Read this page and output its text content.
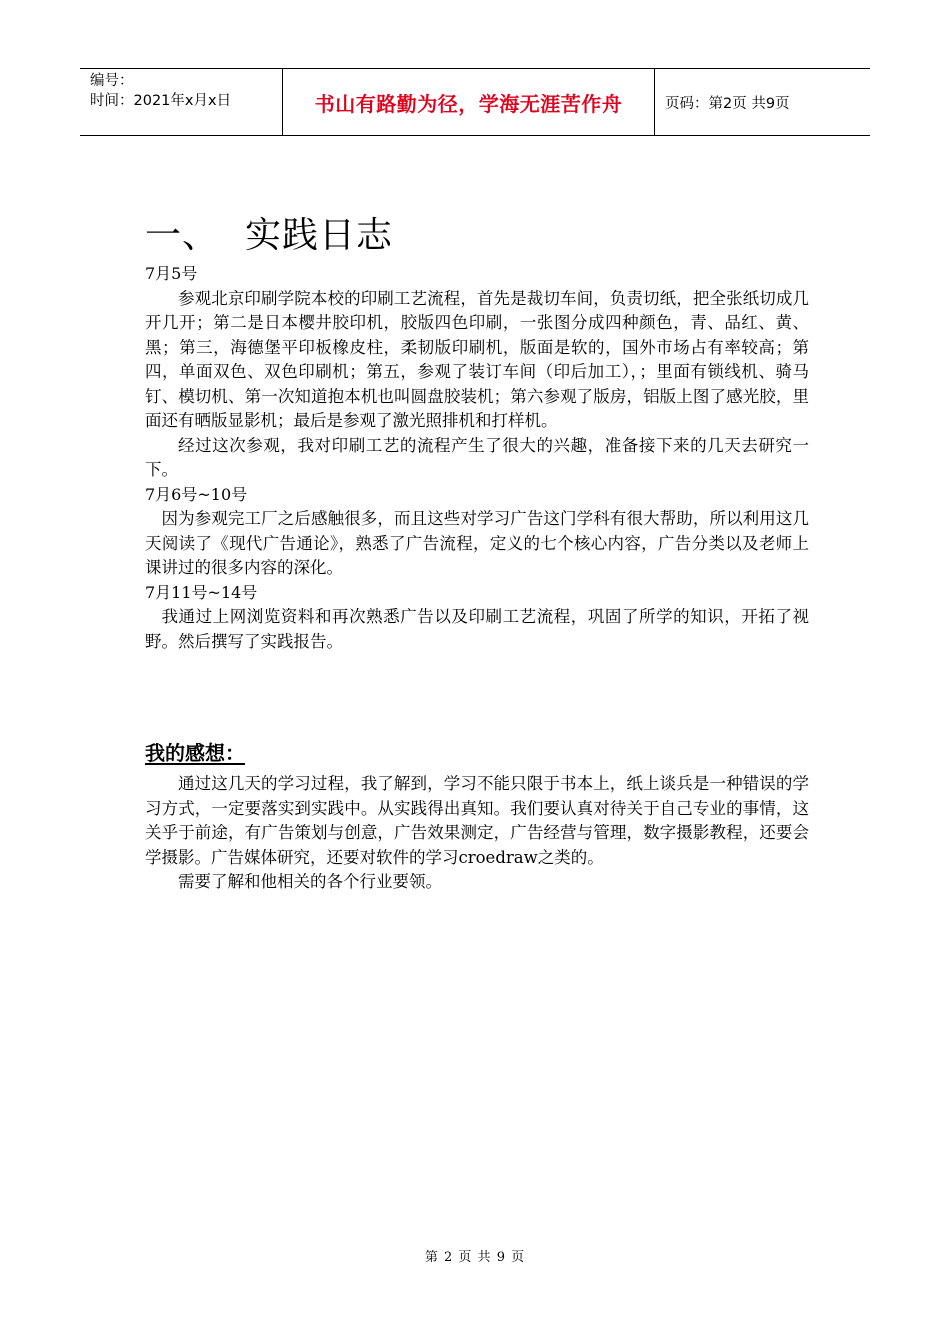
编号：
时间：2021年x月x日	书山有路勤为径，学海无涯苦作舟	页码：第2页 共9页
一、 实践日志
7月5号

参观北京印刷学院本校的印刷工艺流程，首先是裁切车间，负责切纸，把全张纸切成几开几开；第二是日本樱井胶印机，胶版四色印刷，一张图分成四种颜色，青、品红、黄、黑；第三，海德堡平印板橡皮柱，柔韧版印刷机，版面是软的，国外市场占有率较高；第四，单面双色、双色印刷机；第五，参观了装订车间（印后加工），；里面有锁线机、骑马钉、模切机、第一次知道抱本机也叫圆盘胶装机；第六参观了版房，铝版上图了感光胶，里面还有晒版显影机；最后是参观了激光照排机和打样机。

经过这次参观，我对印刷工艺的流程产生了很大的兴趣，准备接下来的几天去研究一下。

7月6号~10号

因为参观完工厂之后感触很多，而且这些对学习广告这门学科有很大帮助，所以利用这几天阅读了《现代广告通论》，熟悉了广告流程，定义的七个核心内容，广告分类以及老师上课讲过的很多内容的深化。

7月11号~14号

我通过上网浏览资料和再次熟悉广告以及印刷工艺流程，巩固了所学的知识，开拓了视野。然后撰写了实践报告。

我的感想：

通过这几天的学习过程，我了解到，学习不能只限于书本上，纸上谈兵是一种错误的学习方式，一定要落实到实践中。从实践得出真知。我们要认真对待关于自己专业的事情，这关乎于前途，有广告策划与创意，广告效果测定，广告经营与管理，数字摄影教程，还要会学摄影。广告媒体研究，还要对软件的学习croedraw之类的。

需要了解和他相关的各个行业要领。

第 2 页 共 9 页
